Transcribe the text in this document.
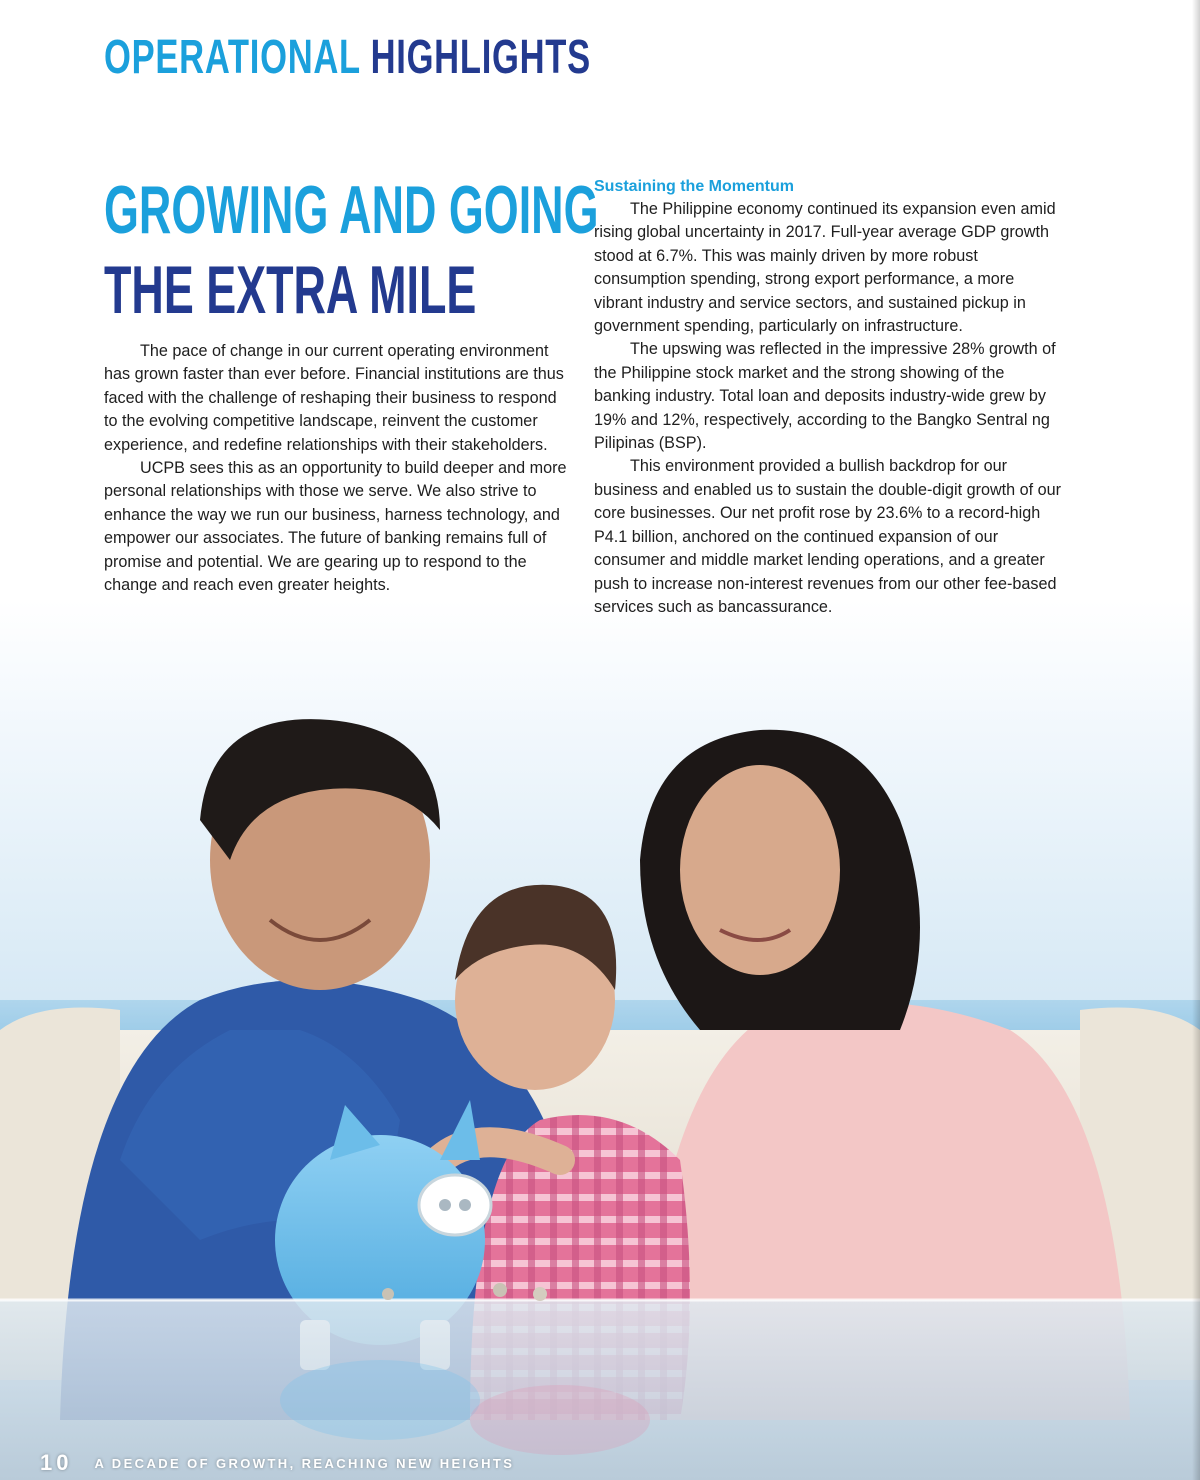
OPERATIONAL HIGHLIGHTS
GROWING AND GOING
THE EXTRA MILE

The pace of change in our current operating environment has grown faster than ever before. Financial institutions are thus faced with the challenge of reshaping their business to respond to the evolving competitive landscape, reinvent the customer experience, and redefine relationships with their stakeholders.

UCPB sees this as an opportunity to build deeper and more personal relationships with those we serve. We also strive to enhance the way we run our business, harness technology, and empower our associates. The future of banking remains full of promise and potential. We are gearing up to respond to the change and reach even greater heights.

Sustaining the Momentum

The Philippine economy continued its expansion even amid rising global uncertainty in 2017. Full-year average GDP growth stood at 6.7%. This was mainly driven by more robust consumption spending, strong export performance, a more vibrant industry and service sectors, and sustained pickup in government spending, particularly on infrastructure.

The upswing was reflected in the impressive 28% growth of the Philippine stock market and the strong showing of the banking industry. Total loan and deposits industry-wide grew by 19% and 12%, respectively, according to the Bangko Sentral ng Pilipinas (BSP).

This environment provided a bullish backdrop for our business and enabled us to sustain the double-digit growth of our core businesses. Our net profit rose by 23.6% to a record-high P4.1 billion, anchored on the continued expansion of our consumer and middle market lending operations, and a greater push to increase non-interest revenues from our other fee-based services such as bancassurance.

10 A DECADE OF GROWTH, REACHING NEW HEIGHTS
